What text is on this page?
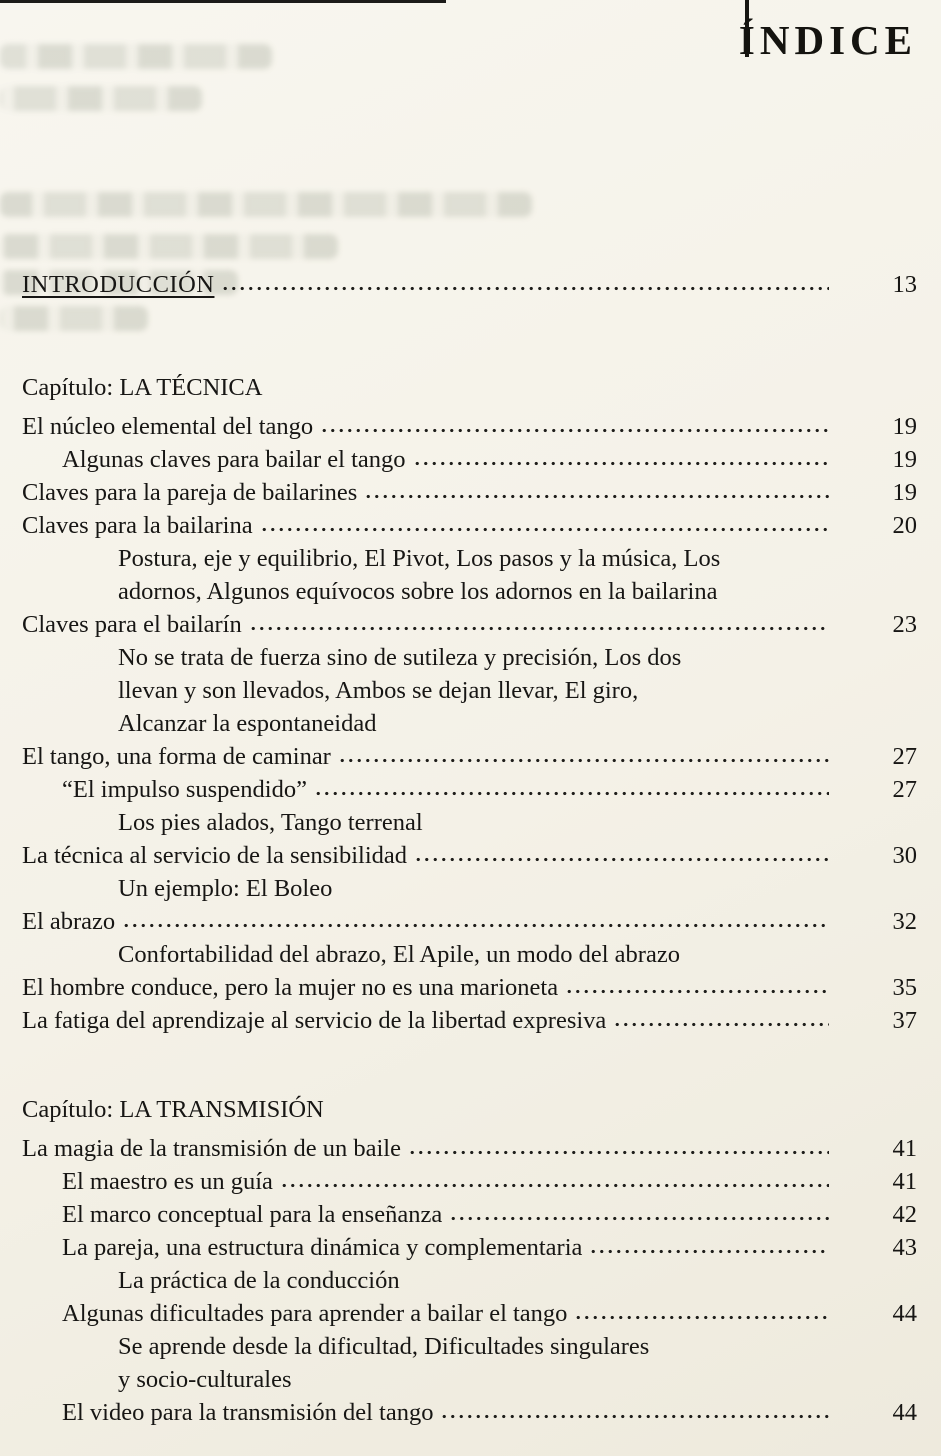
ÍNDICE
INTRODUCCIÓN	13
Capítulo: LA TÉCNICA
El núcleo elemental del tango	19
Algunas claves para bailar el tango	19
Claves para la pareja de bailarines	19
Claves para la bailarina	20
Postura, eje y equilibrio, El Pivot, Los pasos y la música, Los
adornos, Algunos equívocos sobre los adornos en la bailarina
Claves para el bailarín	23
No se trata de fuerza sino de sutileza y precisión, Los dos
llevan y son llevados, Ambos se dejan llevar, El giro,
Alcanzar la espontaneidad
El tango, una forma de caminar	27
“El impulso suspendido”	27
Los pies alados, Tango terrenal
La técnica al servicio de la sensibilidad	30
Un ejemplo: El Boleo
El abrazo	32
Confortabilidad del abrazo, El Apile, un modo del abrazo
El hombre conduce, pero la mujer no es una marioneta	35
La fatiga del aprendizaje al servicio de la libertad expresiva	37
Capítulo: LA TRANSMISIÓN
La magia de la transmisión de un baile	41
El maestro es un guía	41
El marco conceptual para la enseñanza	42
La pareja, una estructura dinámica y complementaria	43
La práctica de la conducción
Algunas dificultades para aprender a bailar el tango	44
Se aprende desde la dificultad, Dificultades singulares
y socio-culturales
El video para la transmisión del tango	44
